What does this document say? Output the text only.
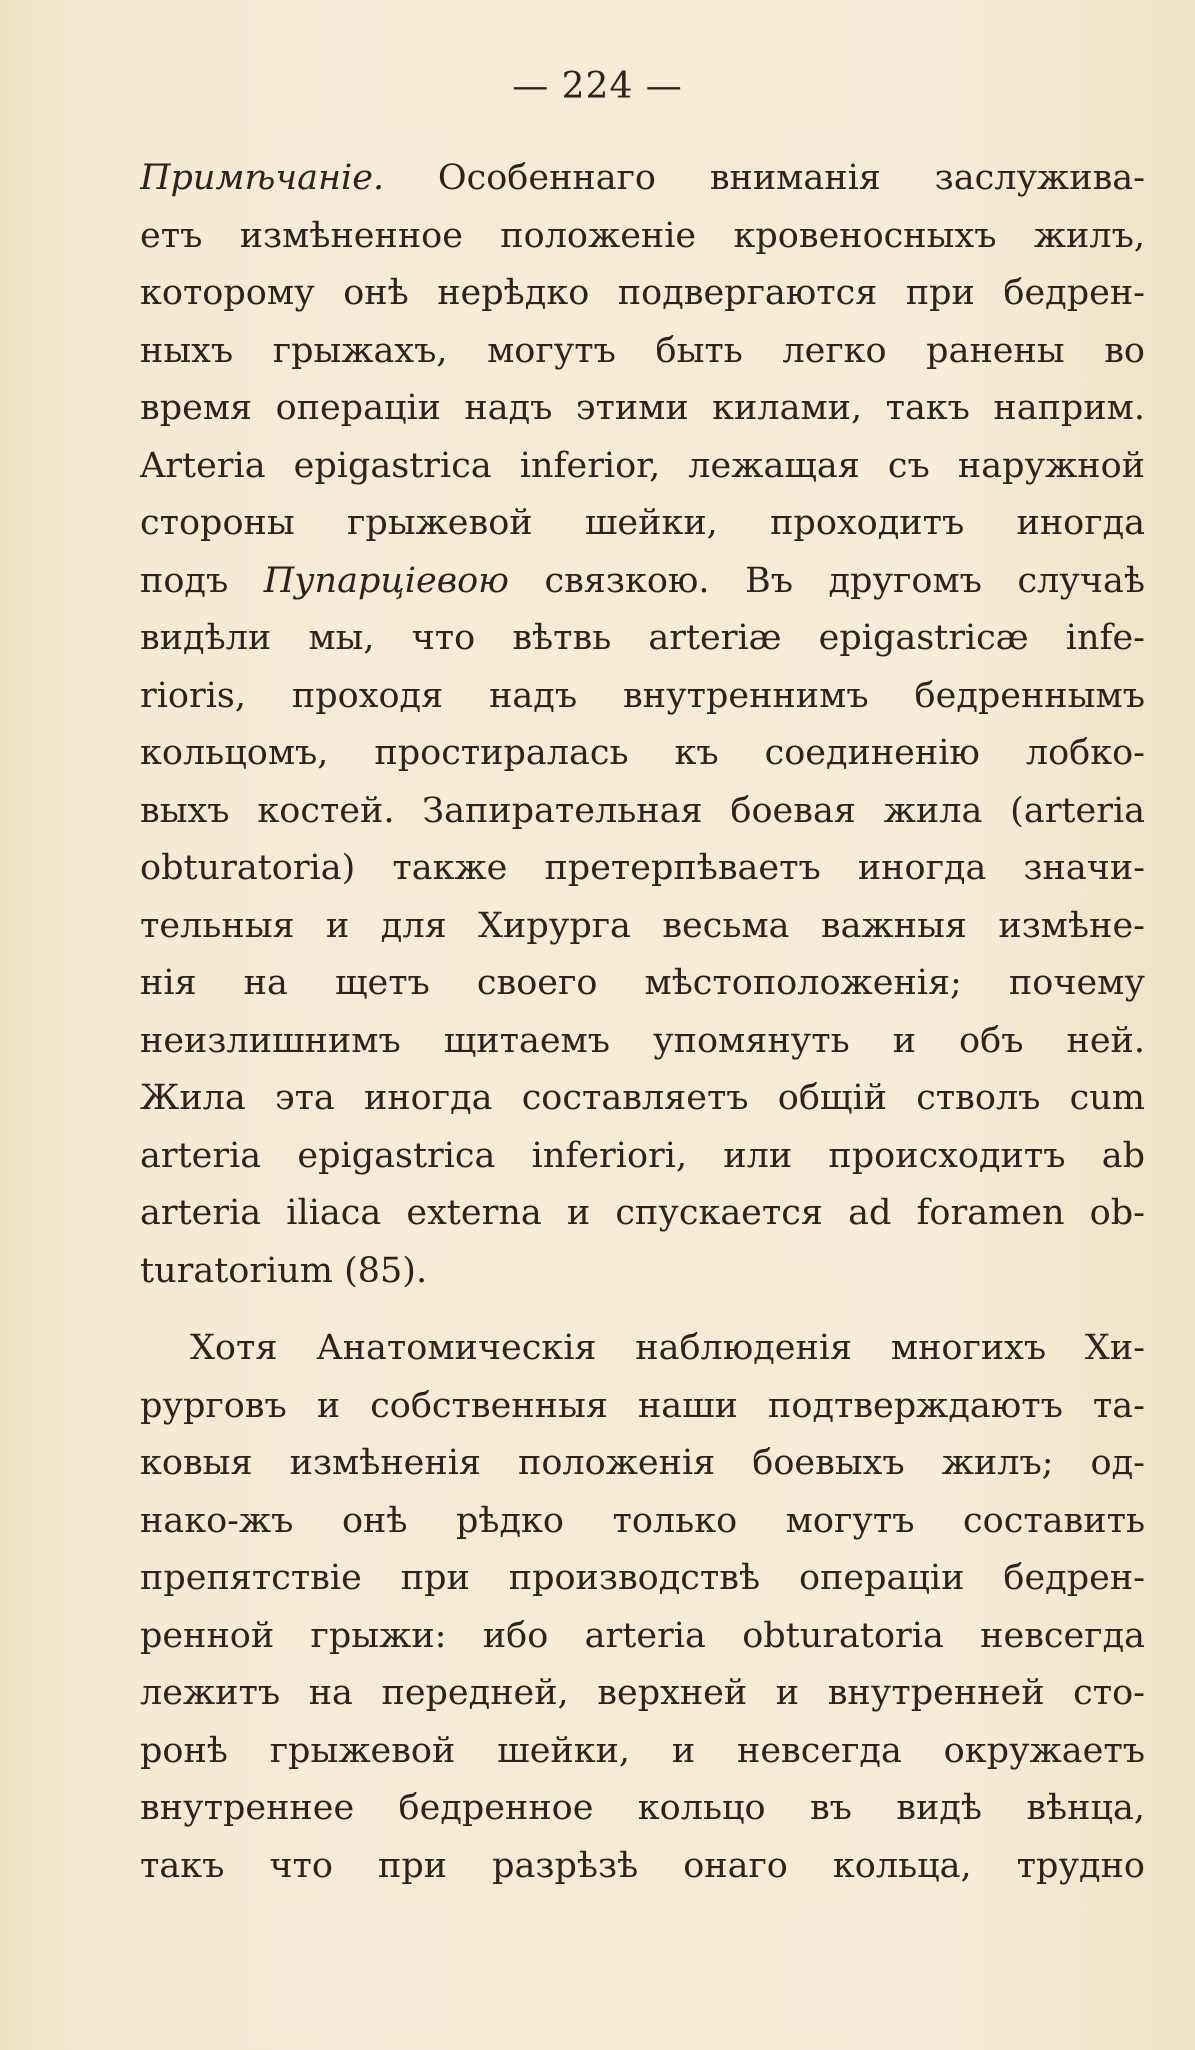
— 224 —
Примѣчаніе. Особеннаго вниманія заслужива-
етъ измѣненное положеніе кровеносныхъ жилъ,
которому онѣ нерѣдко подвергаются при бедрен-
ныхъ грыжахъ, могутъ быть легко ранены во
время операціи надъ этими килами, такъ наприм.
Arteria epigastrica inferior, лежащая съ наружной
стороны грыжевой шейки, проходитъ иногда
подъ Пупарціевою связкою. Въ другомъ случаѣ
видѣли мы, что вѣтвь arteriæ epigastricæ infe-
rioris, проходя надъ внутреннимъ бедреннымъ
кольцомъ, простиралась къ соединенію лобко-
выхъ костей. Запирательная боевая жила (arteria
obturatoria) также претерпѣваетъ иногда значи-
тельныя и для Хирурга весьма важныя измѣне-
нія на щетъ своего мѣстоположенія; почему
неизлишнимъ щитаемъ упомянуть и объ ней.
Жила эта иногда составляетъ общій стволъ cum
arteria epigastrica inferiori, или происходитъ ab
arteria iliaca externa и спускается ad foramen ob-
turatorium (85).
Хотя Анатомическія наблюденія многихъ Хи-
рурговъ и собственныя наши подтверждаютъ та-
ковыя измѣненія положенія боевыхъ жилъ; од-
нако-жъ онѣ рѣдко только могутъ составить
препятствіе при производствѣ операціи бедрен-
ренной грыжи: ибо arteria obturatoria невсегда
лежитъ на передней, верхней и внутренней сто-
ронѣ грыжевой шейки, и невсегда окружаетъ
внутреннее бедренное кольцо въ видѣ вѣнца,
такъ что при разрѣзѣ онаго кольца, трудно
